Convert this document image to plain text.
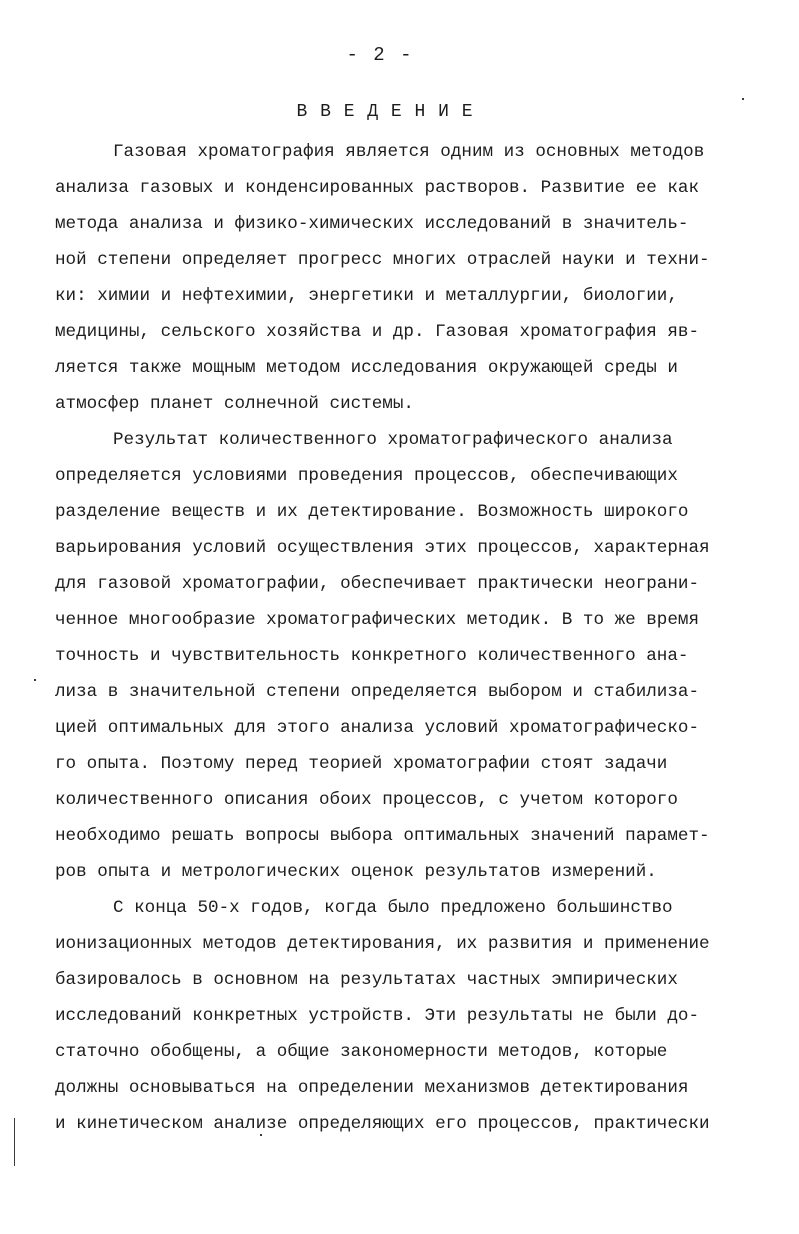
- 2 -
В В Е Д Е Н И Е
Газовая хроматография является одним из основных методов
анализа газовых и конденсированных растворов. Развитие ее как
метода анализа и физико-химических исследований в значитель-
ной степени определяет прогресс многих отраслей науки и техни-
ки: химии и нефтехимии, энергетики и металлургии, биологии,
медицины, сельского хозяйства и др. Газовая хроматография яв-
ляется также мощным методом исследования окружающей среды и
атмосфер планет солнечной системы.
Результат количественного хроматографического анализа
определяется условиями проведения процессов, обеспечивающих
разделение веществ и их детектирование. Возможность широкого
варьирования условий осуществления этих процессов, характерная
для газовой хроматографии, обеспечивает практически неограни-
ченное многообразие хроматографических методик. В то же время
точность и чувствительность конкретного количественного ана-
лиза в значительной степени определяется выбором и стабилиза-
цией оптимальных для этого анализа условий хроматографическо-
го опыта. Поэтому перед теорией хроматографии стоят задачи
количественного описания обоих процессов, с учетом которого
необходимо решать вопросы выбора оптимальных значений парамет-
ров опыта и метрологических оценок результатов измерений.
С конца 50-х годов, когда было предложено большинство
ионизационных методов детектирования, их развития и применение
базировалось в основном на результатах частных эмпирических
исследований конкретных устройств. Эти результаты не были до-
статочно обобщены, а общие закономерности методов, которые
должны основываться на определении механизмов детектирования
и кинетическом анализе определяющих его процессов, практически
